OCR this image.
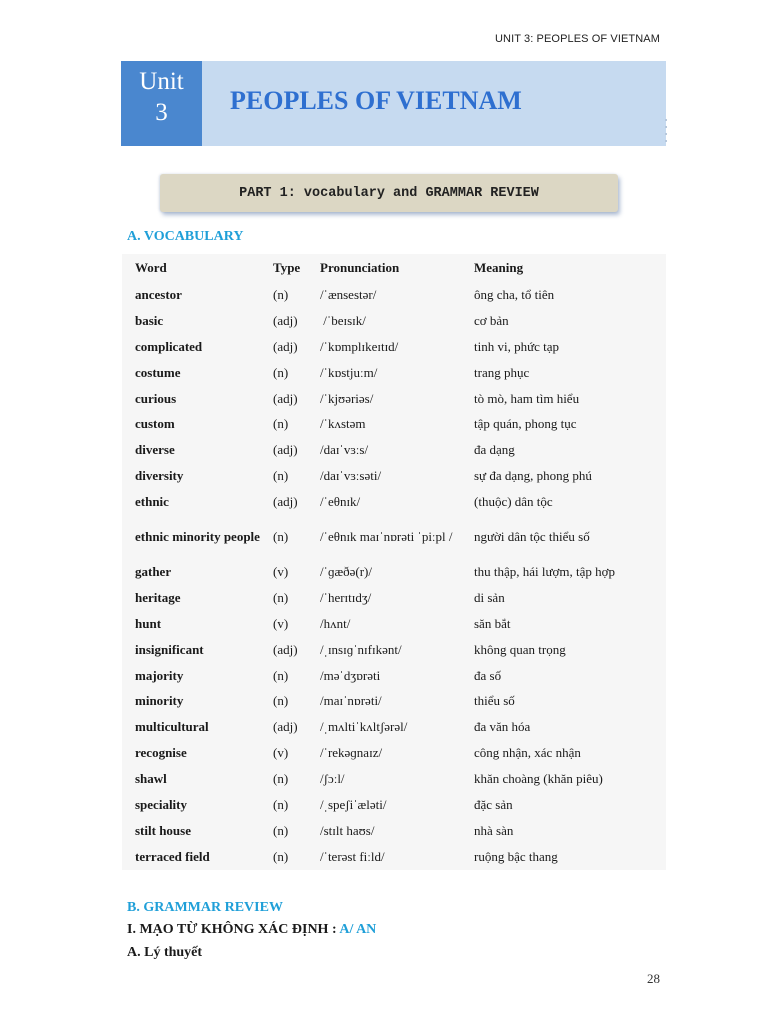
UNIT 3: PEOPLES OF VIETNAM
Unit
3	PEOPLES OF VIETNAM
PART 1: vocabulary and GRAMMAR REVIEW
A. VOCABULARY
Word	Type	Pronunciation	Meaning
ancestor	(n)	/ˈænsestər/	ông cha, tổ tiên
basic	(adj)	/ˈbeɪsɪk/	cơ bản
complicated	(adj)	/ˈkɒmplɪkeɪtɪd/	tinh vi, phức tạp
costume	(n)	/ˈkɒstjuːm/	trang phục
curious	(adj)	/ˈkjʊəriəs/	tò mò, ham tìm hiểu
custom	(n)	/ˈkʌstəm	tập quán, phong tục
diverse	(adj)	/daɪˈvɜːs/	đa dạng
diversity	(n)	/daɪˈvɜːsəti/	sự đa dạng, phong phú
ethnic	(adj)	/ˈeθnɪk/	(thuộc) dân tộc
ethnic minority people	(n)	/ˈeθnɪk maɪˈnɒrəti ˈpiːpl /	người dân tộc thiểu số
gather	(v)	/ˈɡæðə(r)/	thu thập, hái lượm, tập hợp
heritage	(n)	/ˈherɪtɪdʒ/	di sản
hunt	(v)	/hʌnt/	săn bắt
insignificant	(adj)	/ˌɪnsɪɡˈnɪfɪkənt/	không quan trọng
majority	(n)	/məˈdʒɒrəti	đa số
minority	(n)	/maɪˈnɒrəti/	thiểu số
multicultural	(adj)	/ˌmʌltiˈkʌltʃərəl/	đa văn hóa
recognise	(v)	/ˈrekəɡnaɪz/	công nhận, xác nhận
shawl	(n)	/ʃɔːl/	khăn choàng (khăn piêu)
speciality	(n)	/ˌspeʃiˈæləti/	đặc sản
stilt house	(n)	/stɪlt haʊs/	nhà sàn
terraced field	(n)	/ˈterəst fiːld/	ruộng bậc thang
B. GRAMMAR REVIEW
I. MẠO TỪ KHÔNG XÁC ĐỊNH : A/ AN
A. Lý thuyết
28
